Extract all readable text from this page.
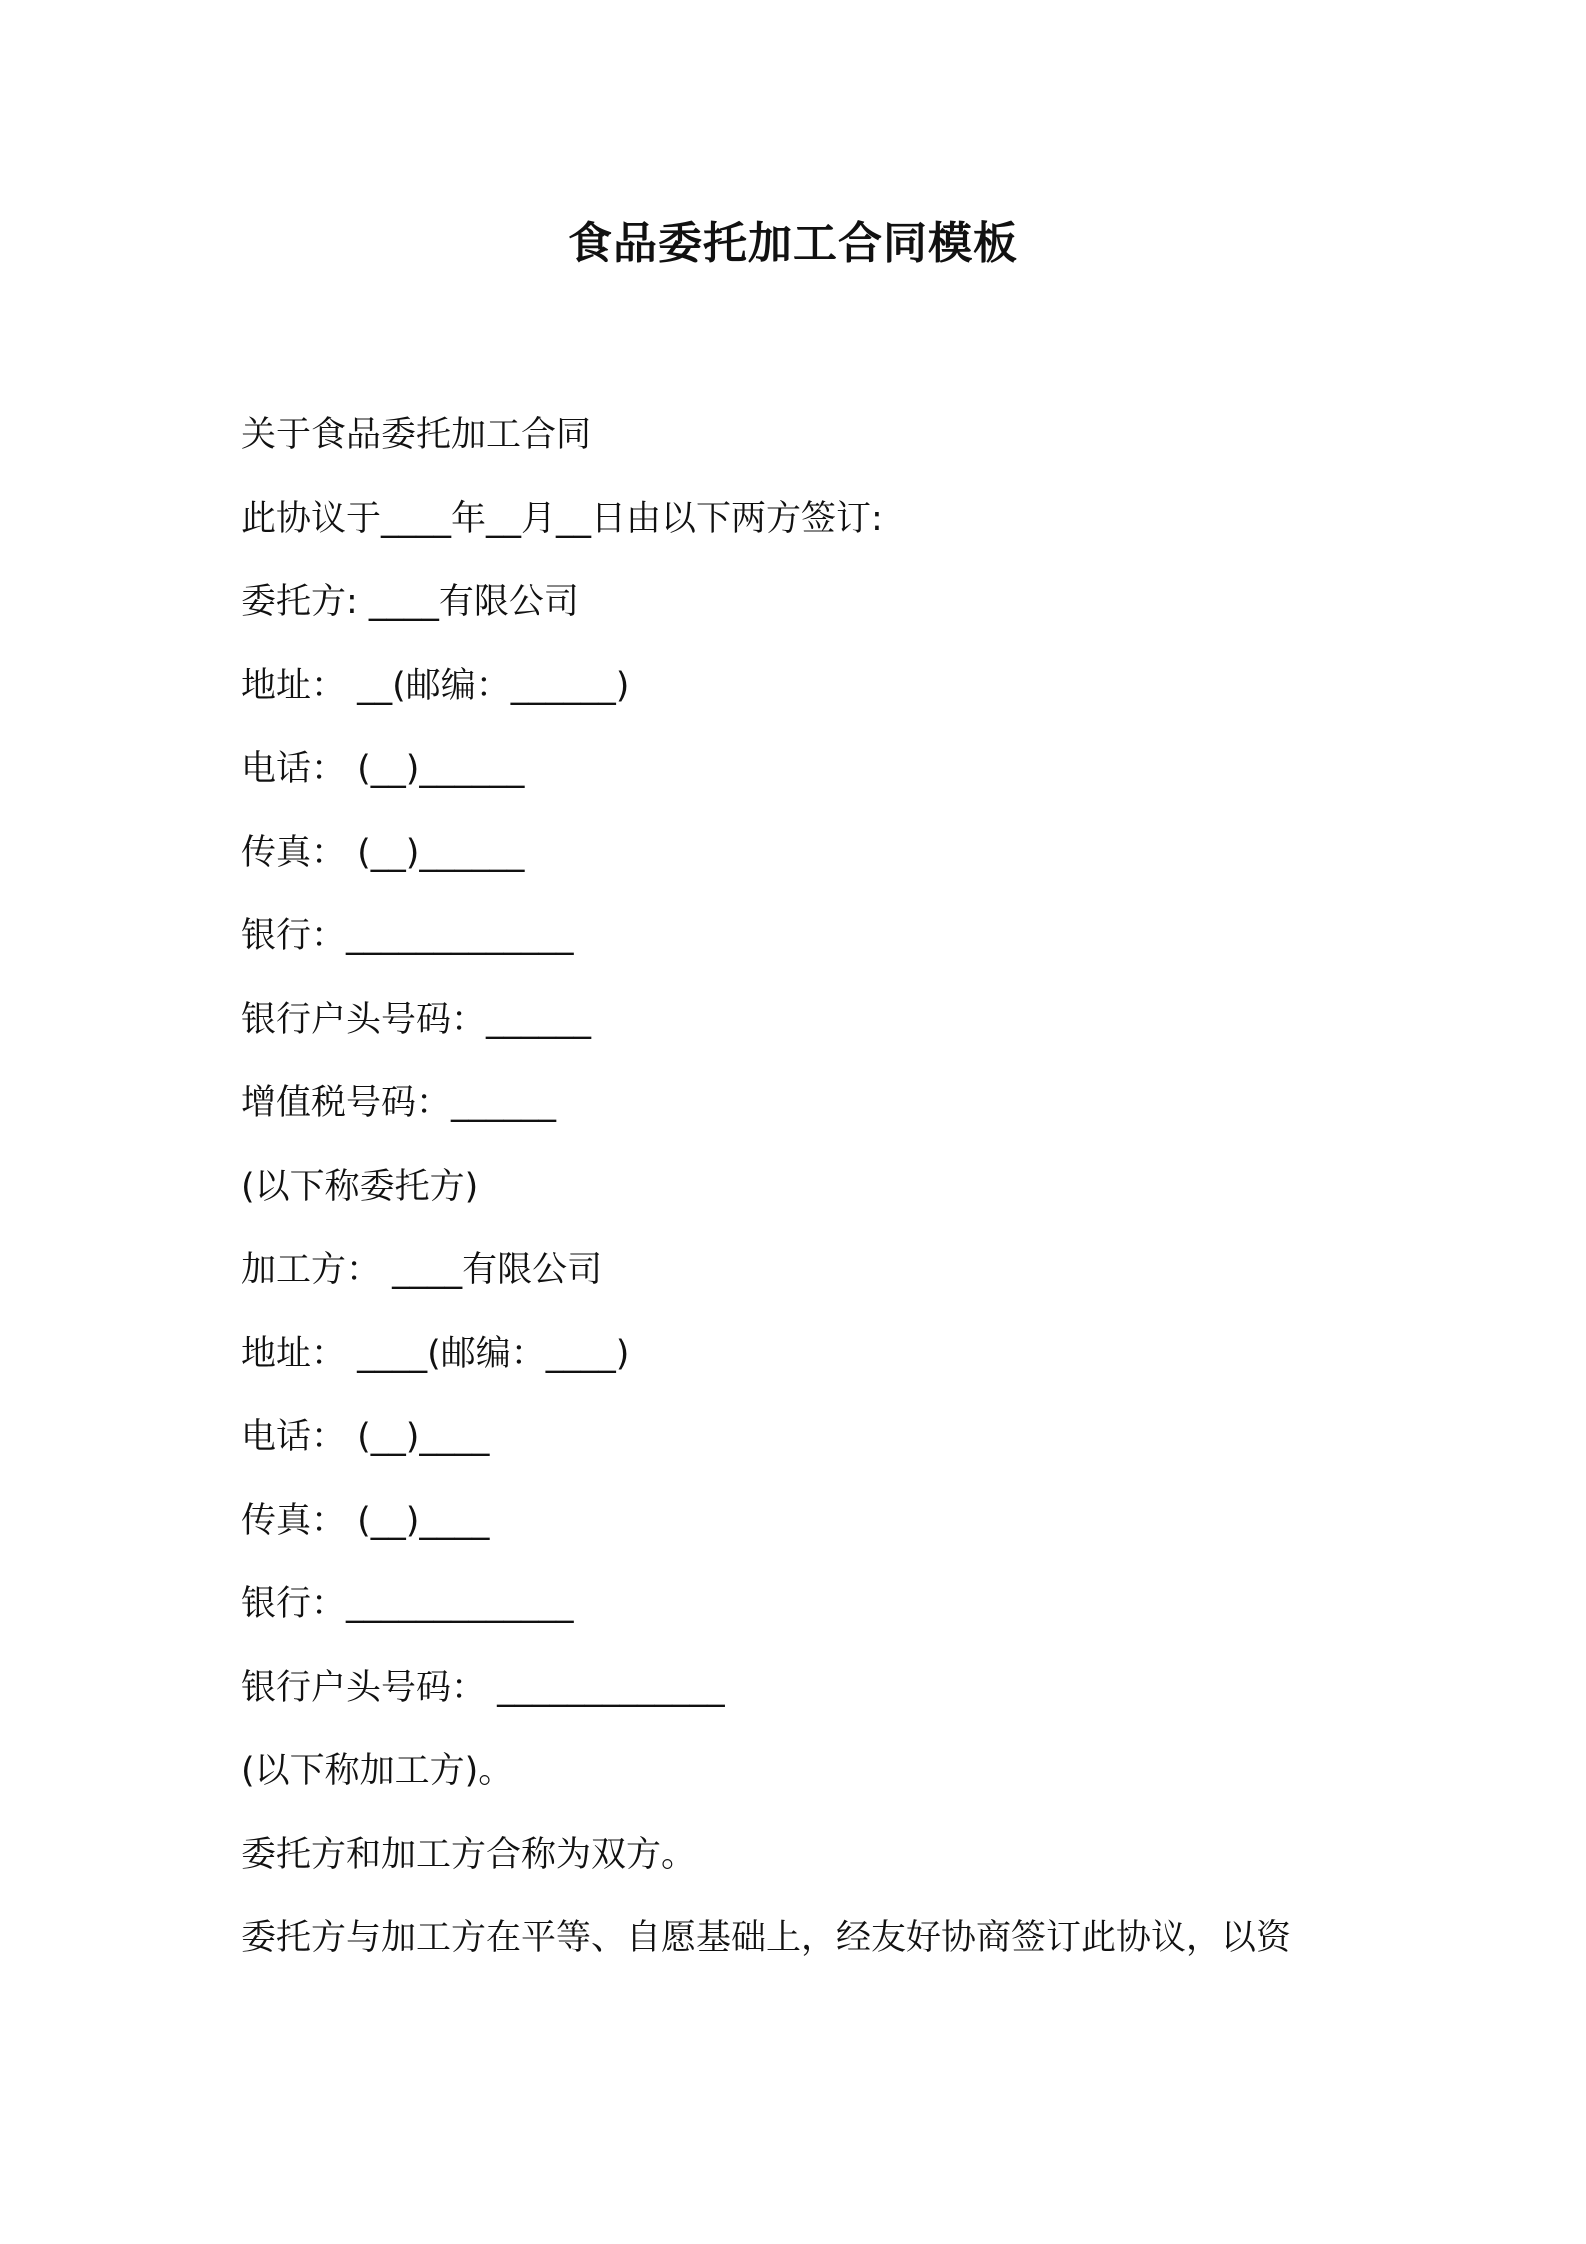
食品委托加工合同模板
关于食品委托加工合同
此协议于____年__月__日由以下两方签订:
委托方: ____有限公司
地址： __(邮编：______)
电话： (__)______
传真： (__)______
银行：_____________
银行户头号码：______
增值税号码：______
(以下称委托方)
加工方： ____有限公司
地址： ____(邮编：____)
电话： (__)____
传真： (__)____
银行：_____________
银行户头号码： _____________
(以下称加工方)。
委托方和加工方合称为双方。
委托方与加工方在平等、自愿基础上，经友好协商签订此协议，以资
